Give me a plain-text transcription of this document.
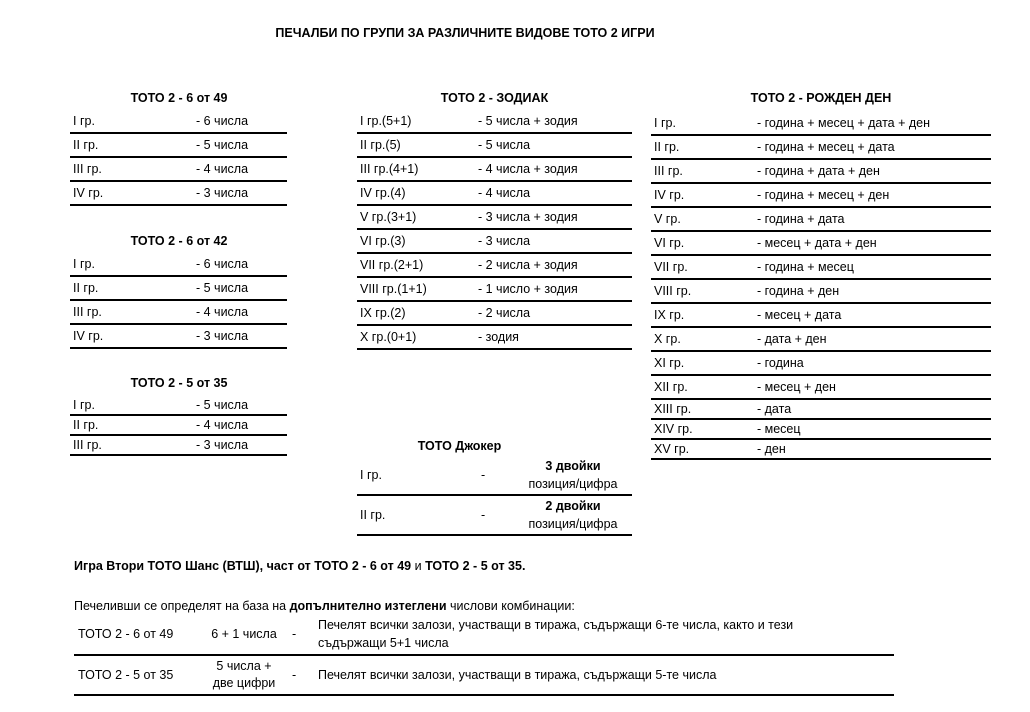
ПЕЧАЛБИ ПО ГРУПИ ЗА РАЗЛИЧНИТЕ ВИДОВЕ ТОТО 2 ИГРИ
ТОТО 2 - 6 от 49
I гр.	- 6 числа
II гр.	- 5 числа
III гр.	- 4 числа
IV гр.	- 3 числа
ТОТО 2 - 6 от 42
I гр.	- 6 числа
II гр.	- 5 числа
III гр.	- 4 числа
IV гр.	- 3 числа
ТОТО 2 - 5 от 35
I гр.	- 5 числа
II гр.	- 4 числа
III гр.	- 3 числа
ТОТО 2 - ЗОДИАК
I гр.(5+1)	- 5 числа + зодия
II гр.(5)	- 5 числа
III гр.(4+1)	- 4 числа + зодия
IV гр.(4)	- 4 числа
V гр.(3+1)	- 3 числа + зодия
VI гр.(3)	- 3 числа
VII гр.(2+1)	- 2 числа + зодия
VIII гр.(1+1)	- 1 число + зодия
IX гр.(2)	- 2 числа
X гр.(0+1)	- зодия
ТОТО Джокер
I гр.	-	3 двойки
позиция/цифра

II гр.	-	2 двойки
позиция/цифра
ТОТО 2 - РОЖДЕН ДЕН
I гр.	- година + месец + дата + ден
II гр.	- година + месец + дата
III гр.	- година + дата + ден
IV гр.	- година + месец + ден
V гр.	- година + дата
VI гр.	- месец + дата + ден
VII гр.	- година + месец
VIII гр.	- година + ден
IX гр.	- месец + дата
X гр.	- дата + ден
XI гр.	- година
XII гр.	- месец + ден
XIII гр.	- дата
XIV гр.	- месец
XV гр.	- ден
Игра Втори ТОТО Шанс (ВТШ), част от ТОТО 2 - 6 от 49 и ТОТО 2 - 5 от 35.
Печеливши се определят на база на допълнително изтеглени числови комбинации:
ТОТО 2 - 6 от 49	6 + 1 числа	-	Печелят всички залози, участващи в тиража, съдържащи 6-те числа, както и тези
съдържащи 5+1 числа

ТОТО 2 - 5 от 35	5 числа +
две цифри	-	Печелят всички залози, участващи в тиража, съдържащи 5-те числа
